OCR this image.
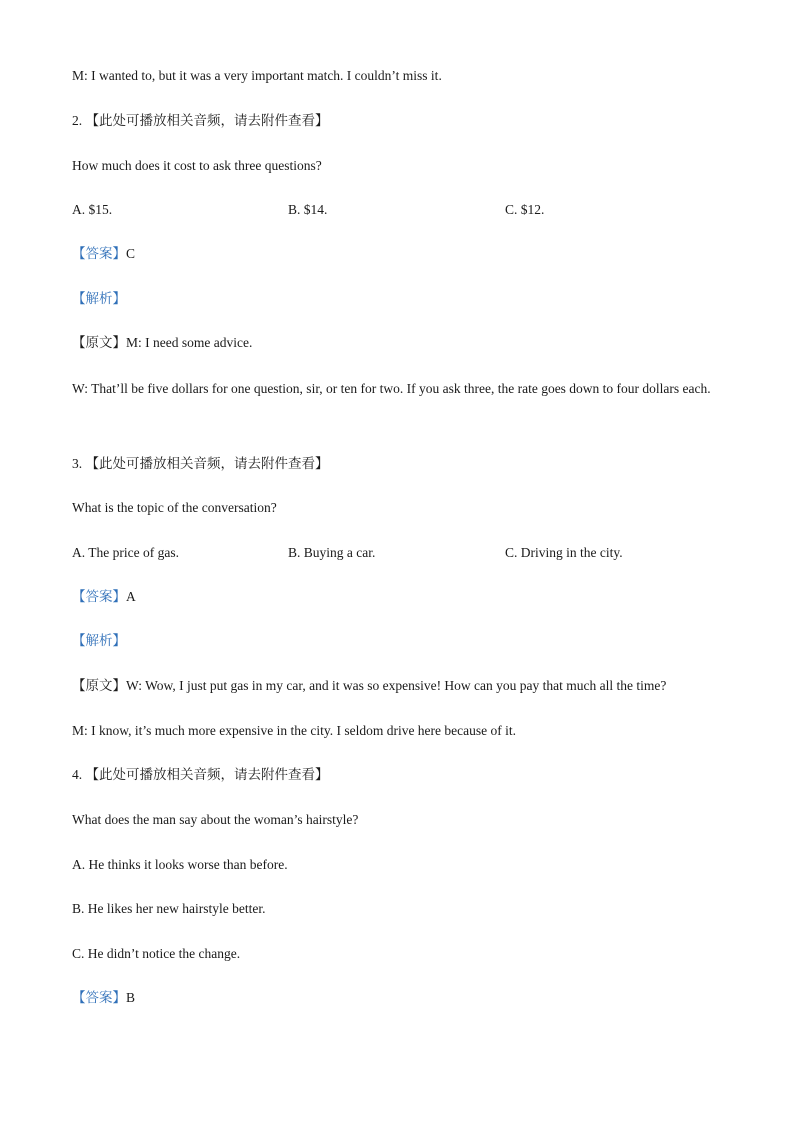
M: I wanted to, but it was a very important match. I couldn’t miss it.
2. 【此处可播放相关音频，请去附件查看】
How much does it cost to ask three questions?
A. $15.	B. $14.	C. $12.
【答案】C
【解析】
【原文】M: I need some advice.
W: That’ll be five dollars for one question, sir, or ten for two. If you ask three, the rate goes down to four dollars each.
3. 【此处可播放相关音频，请去附件查看】
What is the topic of the conversation?
A. The price of gas.	B. Buying a car.	C. Driving in the city.
【答案】A
【解析】
【原文】W: Wow, I just put gas in my car, and it was so expensive! How can you pay that much all the time?
M: I know, it’s much more expensive in the city. I seldom drive here because of it.
4. 【此处可播放相关音频，请去附件查看】
What does the man say about the woman’s hairstyle?
A. He thinks it looks worse than before.
B. He likes her new hairstyle better.
C. He didn’t notice the change.
【答案】B
